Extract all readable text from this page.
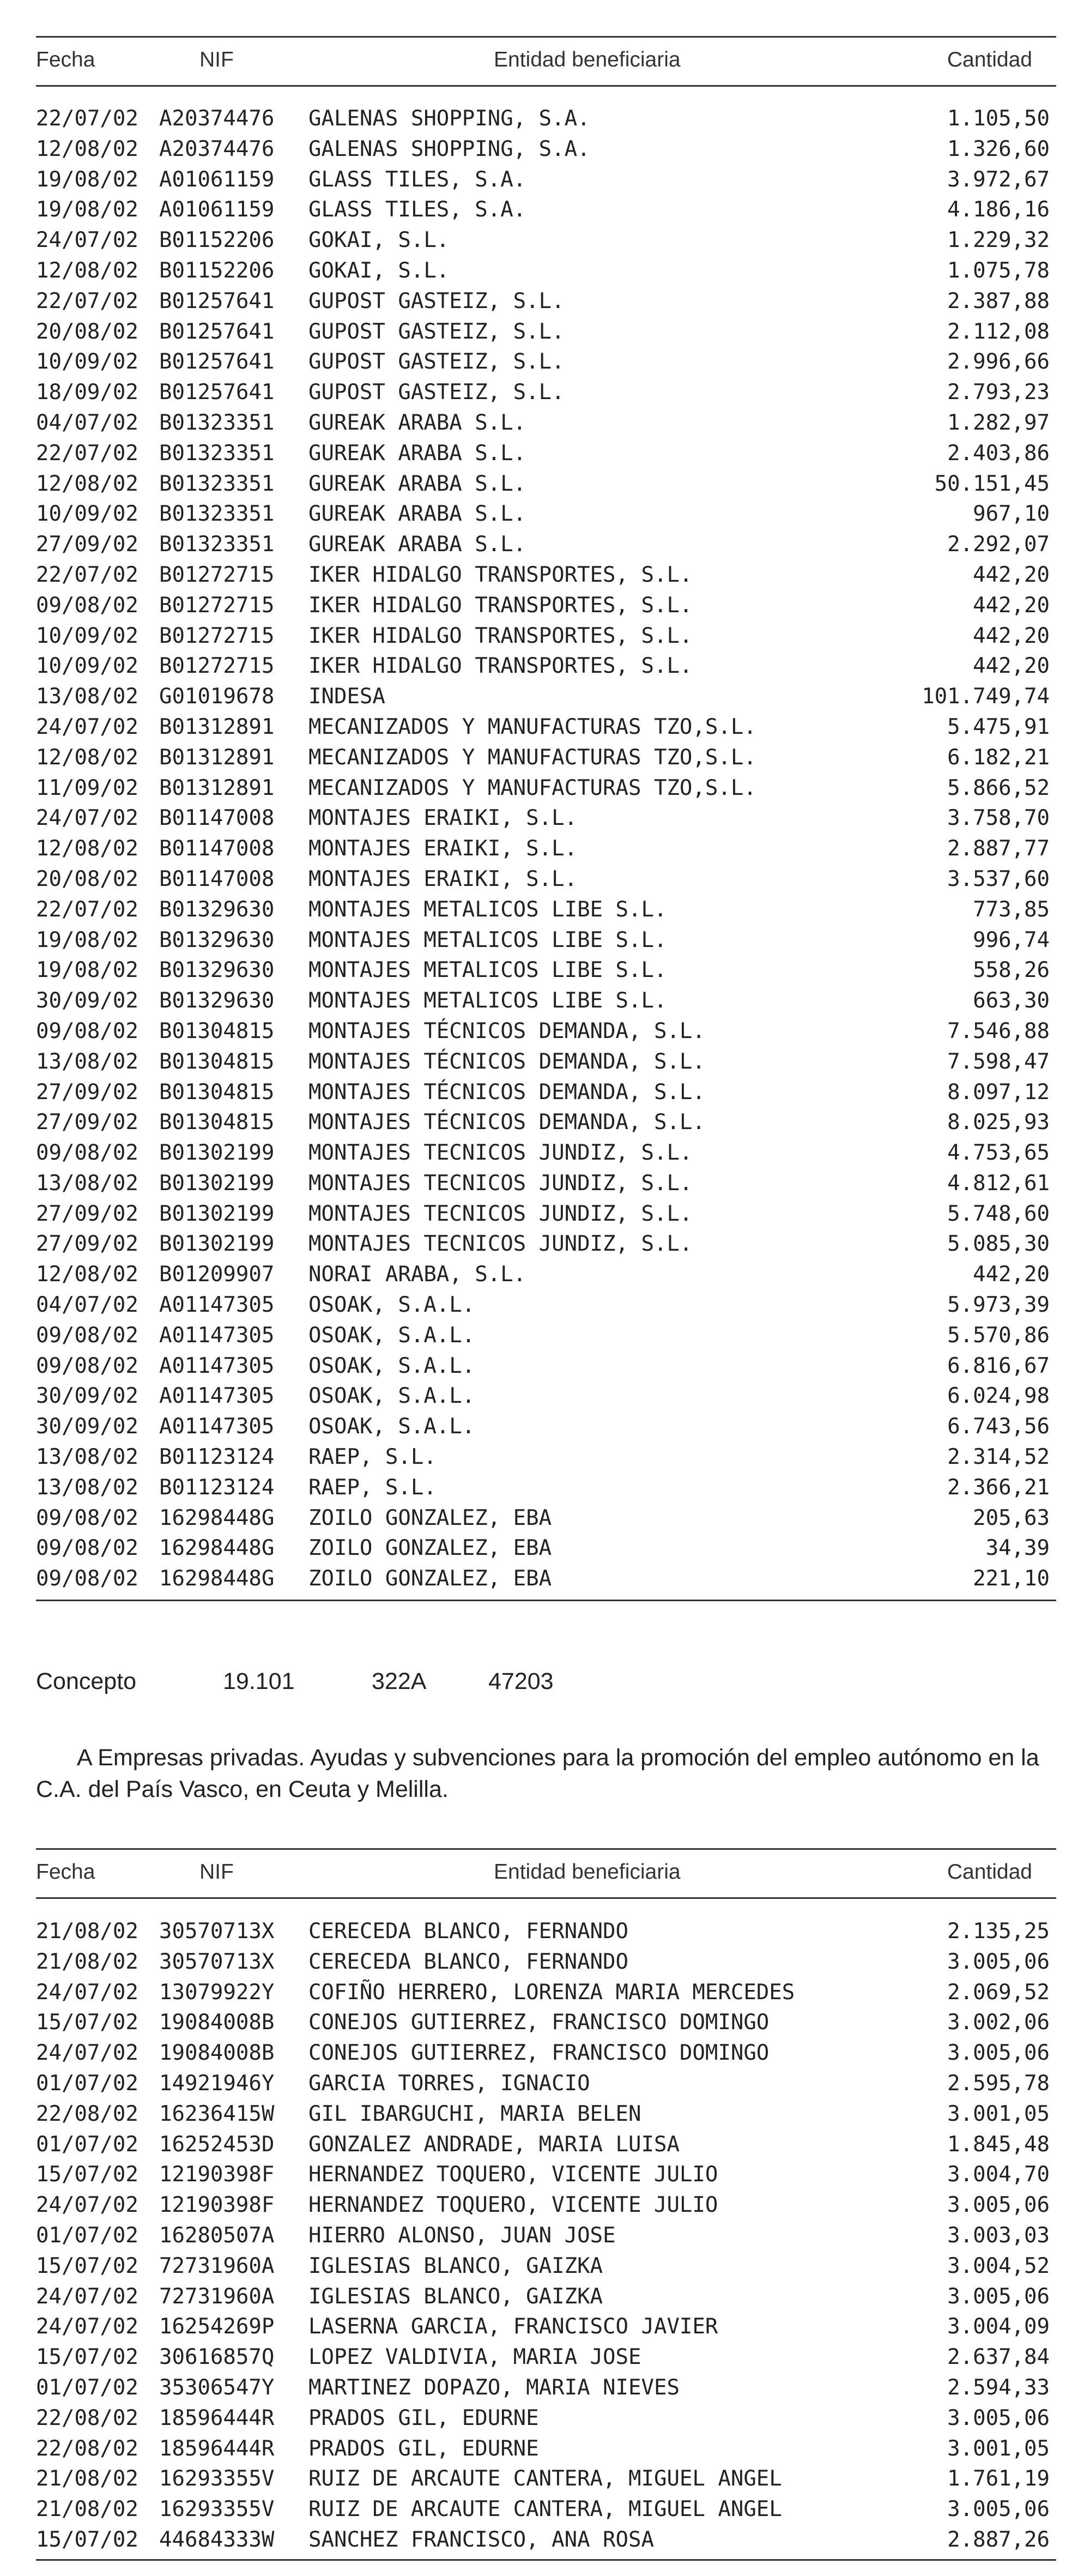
Fecha	NIF	Entidad beneficiaria	Cantidad
22/07/02 A20374476 GALENAS SHOPPING, S.A.	1.105,50
12/08/02 A20374476 GALENAS SHOPPING, S.A.	1.326,60
19/08/02 A01061159 GLASS TILES, S.A.	3.972,67
19/08/02 A01061159 GLASS TILES, S.A.	4.186,16
24/07/02 B01152206 GOKAI, S.L.	1.229,32
12/08/02 B01152206 GOKAI, S.L.	1.075,78
22/07/02 B01257641 GUPOST GASTEIZ, S.L.	2.387,88
20/08/02 B01257641 GUPOST GASTEIZ, S.L.	2.112,08
10/09/02 B01257641 GUPOST GASTEIZ, S.L.	2.996,66
18/09/02 B01257641 GUPOST GASTEIZ, S.L.	2.793,23
04/07/02 B01323351 GUREAK ARABA S.L.	1.282,97
22/07/02 B01323351 GUREAK ARABA S.L.	2.403,86
12/08/02 B01323351 GUREAK ARABA S.L.	50.151,45
10/09/02 B01323351 GUREAK ARABA S.L.	967,10
27/09/02 B01323351 GUREAK ARABA S.L.	2.292,07
22/07/02 B01272715 IKER HIDALGO TRANSPORTES, S.L.	442,20
09/08/02 B01272715 IKER HIDALGO TRANSPORTES, S.L.	442,20
10/09/02 B01272715 IKER HIDALGO TRANSPORTES, S.L.	442,20
10/09/02 B01272715 IKER HIDALGO TRANSPORTES, S.L.	442,20
13/08/02 G01019678 INDESA	101.749,74
24/07/02 B01312891 MECANIZADOS Y MANUFACTURAS TZO,S.L.	5.475,91
12/08/02 B01312891 MECANIZADOS Y MANUFACTURAS TZO,S.L.	6.182,21
11/09/02 B01312891 MECANIZADOS Y MANUFACTURAS TZO,S.L.	5.866,52
24/07/02 B01147008 MONTAJES ERAIKI, S.L.	3.758,70
12/08/02 B01147008 MONTAJES ERAIKI, S.L.	2.887,77
20/08/02 B01147008 MONTAJES ERAIKI, S.L.	3.537,60
22/07/02 B01329630 MONTAJES METALICOS LIBE S.L.	773,85
19/08/02 B01329630 MONTAJES METALICOS LIBE S.L.	996,74
19/08/02 B01329630 MONTAJES METALICOS LIBE S.L.	558,26
30/09/02 B01329630 MONTAJES METALICOS LIBE S.L.	663,30
09/08/02 B01304815 MONTAJES TÉCNICOS DEMANDA, S.L.	7.546,88
13/08/02 B01304815 MONTAJES TÉCNICOS DEMANDA, S.L.	7.598,47
27/09/02 B01304815 MONTAJES TÉCNICOS DEMANDA, S.L.	8.097,12
27/09/02 B01304815 MONTAJES TÉCNICOS DEMANDA, S.L.	8.025,93
09/08/02 B01302199 MONTAJES TECNICOS JUNDIZ, S.L.	4.753,65
13/08/02 B01302199 MONTAJES TECNICOS JUNDIZ, S.L.	4.812,61
27/09/02 B01302199 MONTAJES TECNICOS JUNDIZ, S.L.	5.748,60
27/09/02 B01302199 MONTAJES TECNICOS JUNDIZ, S.L.	5.085,30
12/08/02 B01209907 NORAI ARABA, S.L.	442,20
04/07/02 A01147305 OSOAK, S.A.L.	5.973,39
09/08/02 A01147305 OSOAK, S.A.L.	5.570,86
09/08/02 A01147305 OSOAK, S.A.L.	6.816,67
30/09/02 A01147305 OSOAK, S.A.L.	6.024,98
30/09/02 A01147305 OSOAK, S.A.L.	6.743,56
13/08/02 B01123124 RAEP, S.L.	2.314,52
13/08/02 B01123124 RAEP, S.L.	2.366,21
09/08/02 16298448G ZOILO GONZALEZ, EBA	205,63
09/08/02 16298448G ZOILO GONZALEZ, EBA	34,39
09/08/02 16298448G ZOILO GONZALEZ, EBA	221,10
Concepto	19.101	322A	47203

A Empresas privadas. Ayudas y subvenciones para la promoción del empleo autónomo en la C.A. del País Vasco, en Ceuta y Melilla.

Fecha	NIF	Entidad beneficiaria	Cantidad
21/08/02 30570713X CERECEDA BLANCO, FERNANDO	2.135,25
21/08/02 30570713X CERECEDA BLANCO, FERNANDO	3.005,06
24/07/02 13079922Y COFIÑO HERRERO, LORENZA MARIA MERCEDES	2.069,52
15/07/02 19084008B CONEJOS GUTIERREZ, FRANCISCO DOMINGO	3.002,06
24/07/02 19084008B CONEJOS GUTIERREZ, FRANCISCO DOMINGO	3.005,06
01/07/02 14921946Y GARCIA TORRES, IGNACIO	2.595,78
22/08/02 16236415W GIL IBARGUCHI, MARIA BELEN	3.001,05
01/07/02 16252453D GONZALEZ ANDRADE, MARIA LUISA	1.845,48
15/07/02 12190398F HERNANDEZ TOQUERO, VICENTE JULIO	3.004,70
24/07/02 12190398F HERNANDEZ TOQUERO, VICENTE JULIO	3.005,06
01/07/02 16280507A HIERRO ALONSO, JUAN JOSE	3.003,03
15/07/02 72731960A IGLESIAS BLANCO, GAIZKA	3.004,52
24/07/02 72731960A IGLESIAS BLANCO, GAIZKA	3.005,06
24/07/02 16254269P LASERNA GARCIA, FRANCISCO JAVIER	3.004,09
15/07/02 30616857Q LOPEZ VALDIVIA, MARIA JOSE	2.637,84
01/07/02 35306547Y MARTINEZ DOPAZO, MARIA NIEVES	2.594,33
22/08/02 18596444R PRADOS GIL, EDURNE	3.005,06
22/08/02 18596444R PRADOS GIL, EDURNE	3.001,05
21/08/02 16293355V RUIZ DE ARCAUTE CANTERA, MIGUEL ANGEL	1.761,19
21/08/02 16293355V RUIZ DE ARCAUTE CANTERA, MIGUEL ANGEL	3.005,06
15/07/02 44684333W SANCHEZ FRANCISCO, ANA ROSA	2.887,26
